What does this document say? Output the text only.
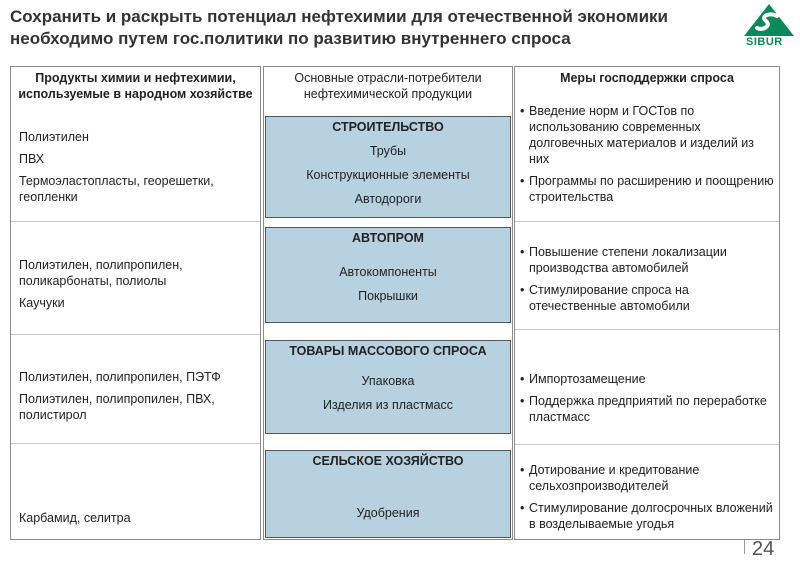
Сохранить и раскрыть потенциал нефтехимии для отечественной экономики
необходимо путем гос.политики по развитию внутреннего спроса	SIBUR
Продукты химии и нефтехимии, используемые в народном хозяйстве
Полиэтилен
ПВХ
Термоэластопласты, георешетки, геопленки
Полиэтилен, полипропилен, поликарбонаты, полиолы
Каучуки
Полиэтилен, полипропилен, ПЭТФ
Полиэтилен, полипропилен, ПВХ, полистирол
Карбамид, селитра
Основные отрасли-потребители нефтехимической продукции
СТРОИТЕЛЬСТВО
Трубы
Конструкционные элементы
Автодороги
АВТОПРОМ
Автокомпоненты
Покрышки
ТОВАРЫ МАССОВОГО СПРОСА
Упаковка
Изделия из пластмасс
СЕЛЬСКОЕ ХОЗЯЙСТВО
Удобрения
Меры господдержки спроса
• Введение норм и ГОСТов по использованию современных долговечных материалов и изделий из них
• Программы по расширению и поощрению строительства
• Повышение степени локализации производства автомобилей
• Стимулирование спроса на отечественные автомобили
• Импортозамещение
• Поддержка предприятий по переработке пластмасс
• Дотирование и кредитование сельхозпроизводителей
• Стимулирование долгосрочных вложений в возделываемые угодья
24
